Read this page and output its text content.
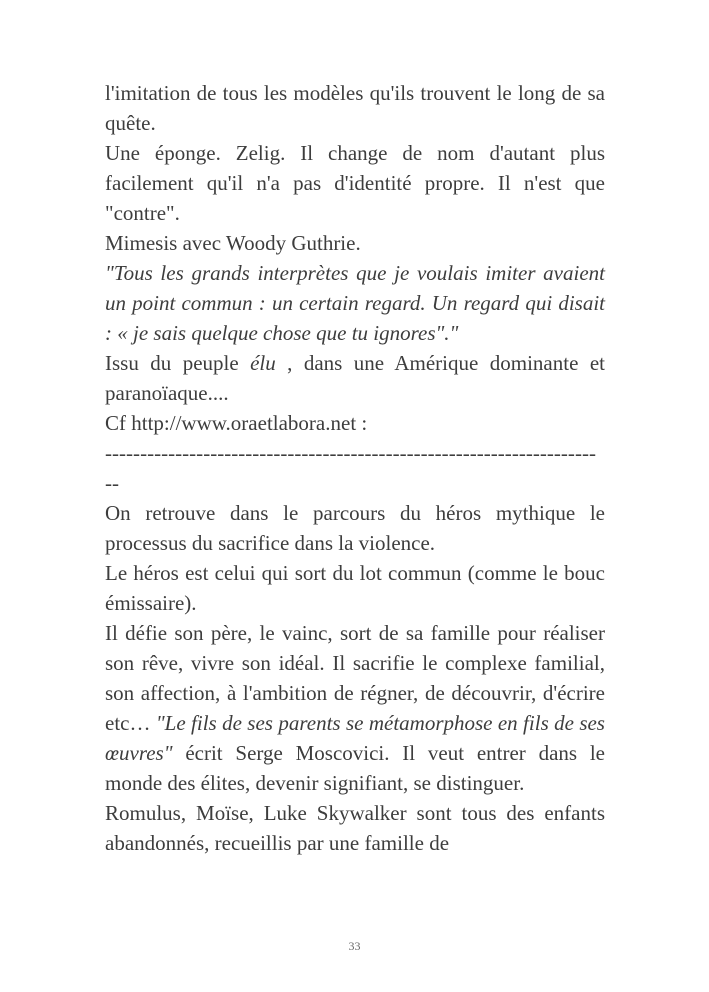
l'imitation de tous les modèles qu'ils trouvent le long de sa quête.

Une éponge. Zelig. Il change de nom d'autant plus facilement qu'il n'a pas d'identité propre. Il n'est que "contre".

Mimesis avec Woody Guthrie.

"Tous les grands interprètes que je voulais imiter avaient un point commun : un certain regard. Un regard qui disait : « je sais quelque chose que tu ignores"."

Issu du peuple élu , dans une Amérique dominante et paranoïaque....

Cf http://www.oraetlabora.net :

----------------------------------------------------------------------
--

On retrouve dans le parcours du héros mythique le processus du sacrifice dans la violence.

Le héros est celui qui sort du lot commun (comme le bouc émissaire).

Il défie son père, le vainc, sort de sa famille pour réaliser son rêve, vivre son idéal. Il sacrifie le complexe familial, son affection, à l'ambition de régner, de découvrir, d'écrire etc… "Le fils de ses parents se métamorphose en fils de ses œuvres" écrit Serge Moscovici. Il veut entrer dans le monde des élites, devenir signifiant, se distinguer.

Romulus, Moïse, Luke Skywalker sont tous des enfants abandonnés, recueillis par une famille de

33
